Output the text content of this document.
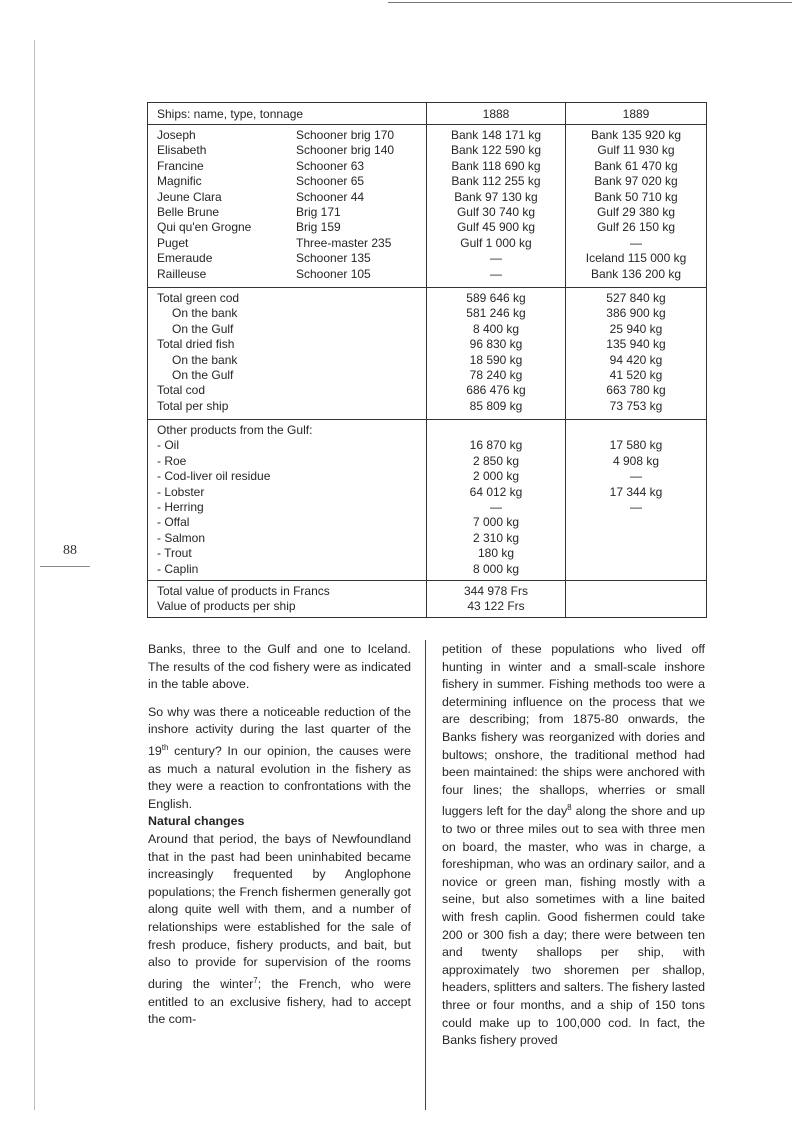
88
Ships: name, type, tonnage	1888	1889
Joseph	Schooner brig 170	Bank 148 171 kg	Bank 135 920 kg
Elisabeth	Schooner brig 140	Bank 122 590 kg	Gulf 11 930 kg
Francine	Schooner 63	Bank 118 690 kg	Bank 61 470 kg
Magnific	Schooner 65	Bank 112 255 kg	Bank 97 020 kg
Jeune Clara	Schooner 44	Bank 97 130 kg	Bank 50 710 kg
Belle Brune	Brig 171	Gulf 30 740 kg	Gulf 29 380 kg
Qui qu'en Grogne	Brig 159	Gulf 45 900 kg	Gulf 26 150 kg
Puget	Three-master 235	Gulf 1 000 kg	—
Emeraude	Schooner 135	—	Iceland 115 000 kg
Railleuse	Schooner 105	—	Bank 136 200 kg
Total green cod	589 646 kg	527 840 kg
On the bank	581 246 kg	386 900 kg
On the Gulf	8 400 kg	25 940 kg
Total dried fish	96 830 kg	135 940 kg
On the bank	18 590 kg	94 420 kg
On the Gulf	78 240 kg	41 520 kg
Total cod	686 476 kg	663 780 kg
Total per ship	85 809 kg	73 753 kg
Other products from the Gulf:
- Oil	16 870 kg	17 580 kg
- Roe	2 850 kg	4 908 kg
- Cod-liver oil residue	2 000 kg	—
- Lobster	64 012 kg	17 344 kg
- Herring	—	—
- Offal	7 000 kg
- Salmon	2 310 kg
- Trout	180 kg
- Caplin	8 000 kg
Total value of products in Francs	344 978 Frs
Value of products per ship	43 122 Frs

Banks, three to the Gulf and one to Iceland. The results of the cod fishery were as indicated in the table above.

So why was there a noticeable reduction of the inshore activity during the last quarter of the 19th century? In our opinion, the causes were as much a natural evolution in the fishery as they were a reaction to confrontations with the English.

Natural changes

Around that period, the bays of Newfoundland that in the past had been uninhabited became increasingly frequented by Anglophone populations; the French fishermen generally got along quite well with them, and a number of relationships were established for the sale of fresh produce, fishery products, and bait, but also to provide for supervision of the rooms during the winter$^7$; the French, who were entitled to an exclusive fishery, had to accept the com-

petition of these populations who lived off hunting in winter and a small-scale inshore fishery in summer. Fishing methods too were a determining influence on the process that we are describing; from 1875-80 onwards, the Banks fishery was reorganized with dories and bultows; onshore, the traditional method had been maintained: the ships were anchored with four lines; the shallops, wherries or small luggers left for the day$^8$ along the shore and up to two or three miles out to sea with three men on board, the master, who was in charge, a foreshipman, who was an ordinary sailor, and a novice or green man, fishing mostly with a seine, but also sometimes with a line baited with fresh caplin. Good fishermen could take 200 or 300 fish a day; there were between ten and twenty shallops per ship, with approximately two shoremen per shallop, headers, splitters and salters. The fishery lasted three or four months, and a ship of 150 tons could make up to 100,000 cod. In fact, the Banks fishery proved
